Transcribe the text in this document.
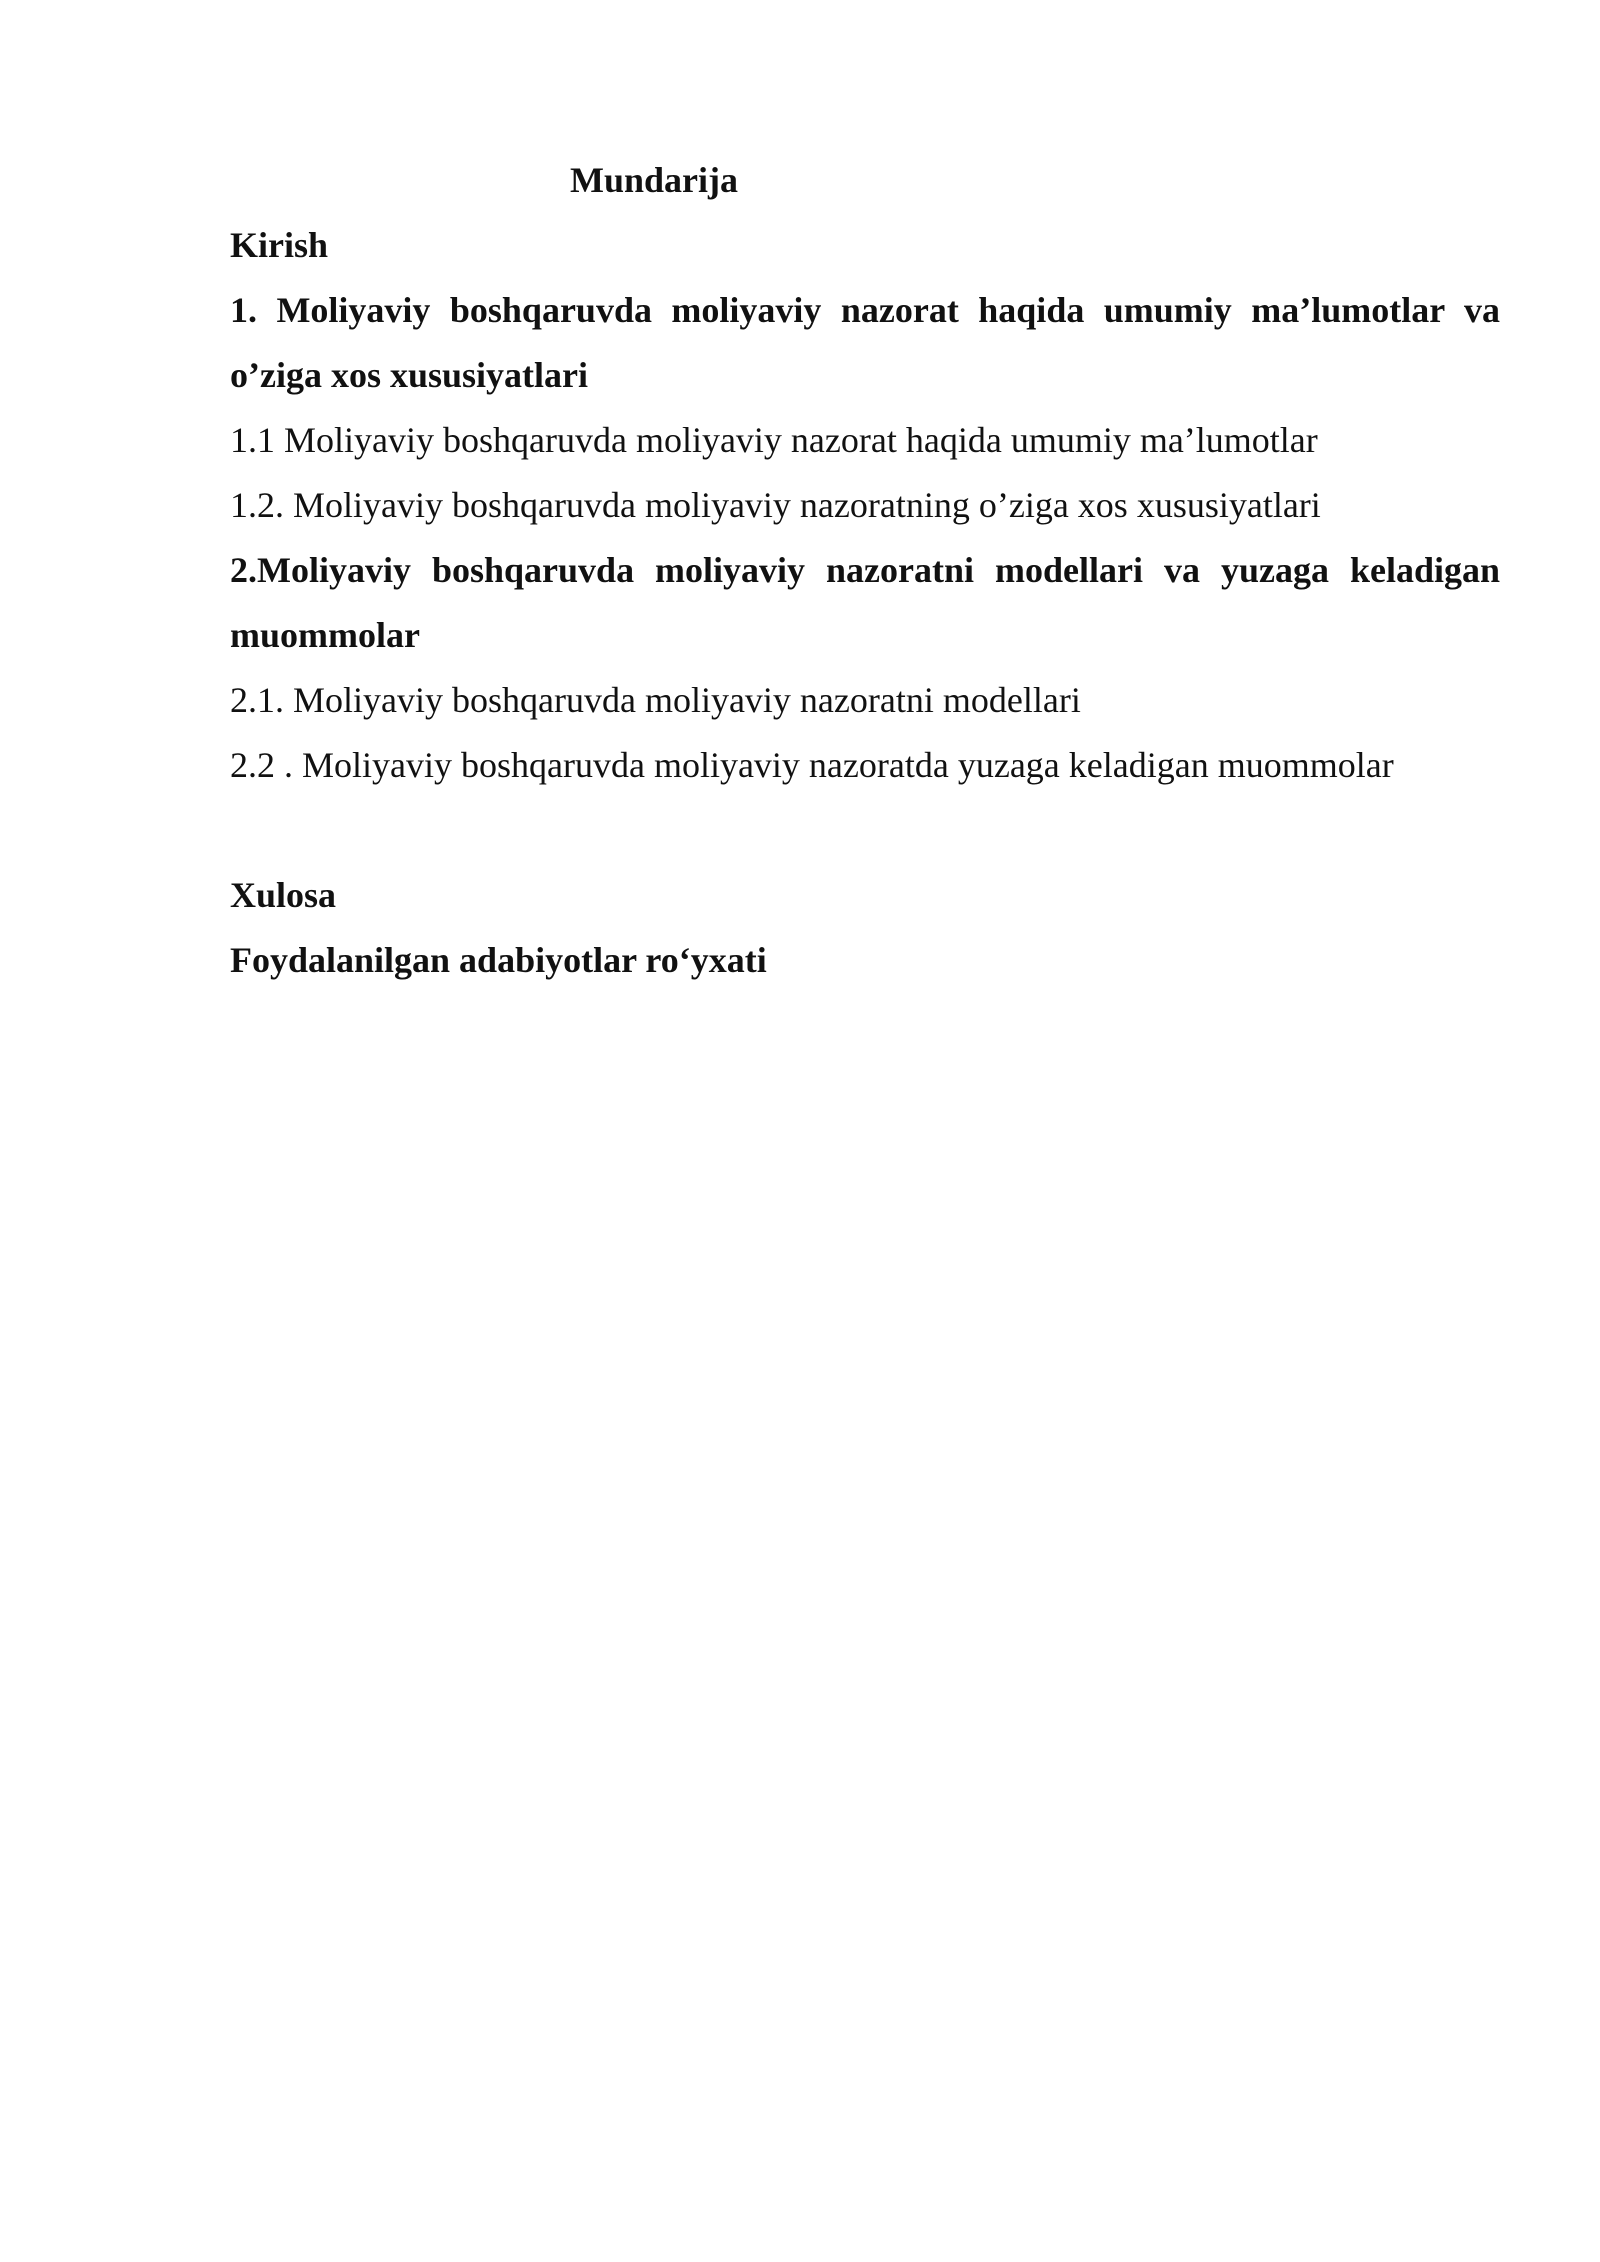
Mundarija

Kirish

1. Moliyaviy boshqaruvda moliyaviy nazorat haqida umumiy ma’lumotlar va

o’ziga xos xususiyatlari

1.1 Moliyaviy boshqaruvda moliyaviy nazorat haqida umumiy ma’lumotlar

1.2. Moliyaviy boshqaruvda moliyaviy nazoratning o’ziga xos xususiyatlari

2.Moliyaviy boshqaruvda moliyaviy nazoratni modellari va yuzaga keladigan

muommolar

2.1. Moliyaviy boshqaruvda moliyaviy nazoratni modellari

2.2 . Moliyaviy boshqaruvda moliyaviy nazoratda yuzaga keladigan muommolar

Xulosa

Foydalanilgan adabiyotlar ro‘yxati
